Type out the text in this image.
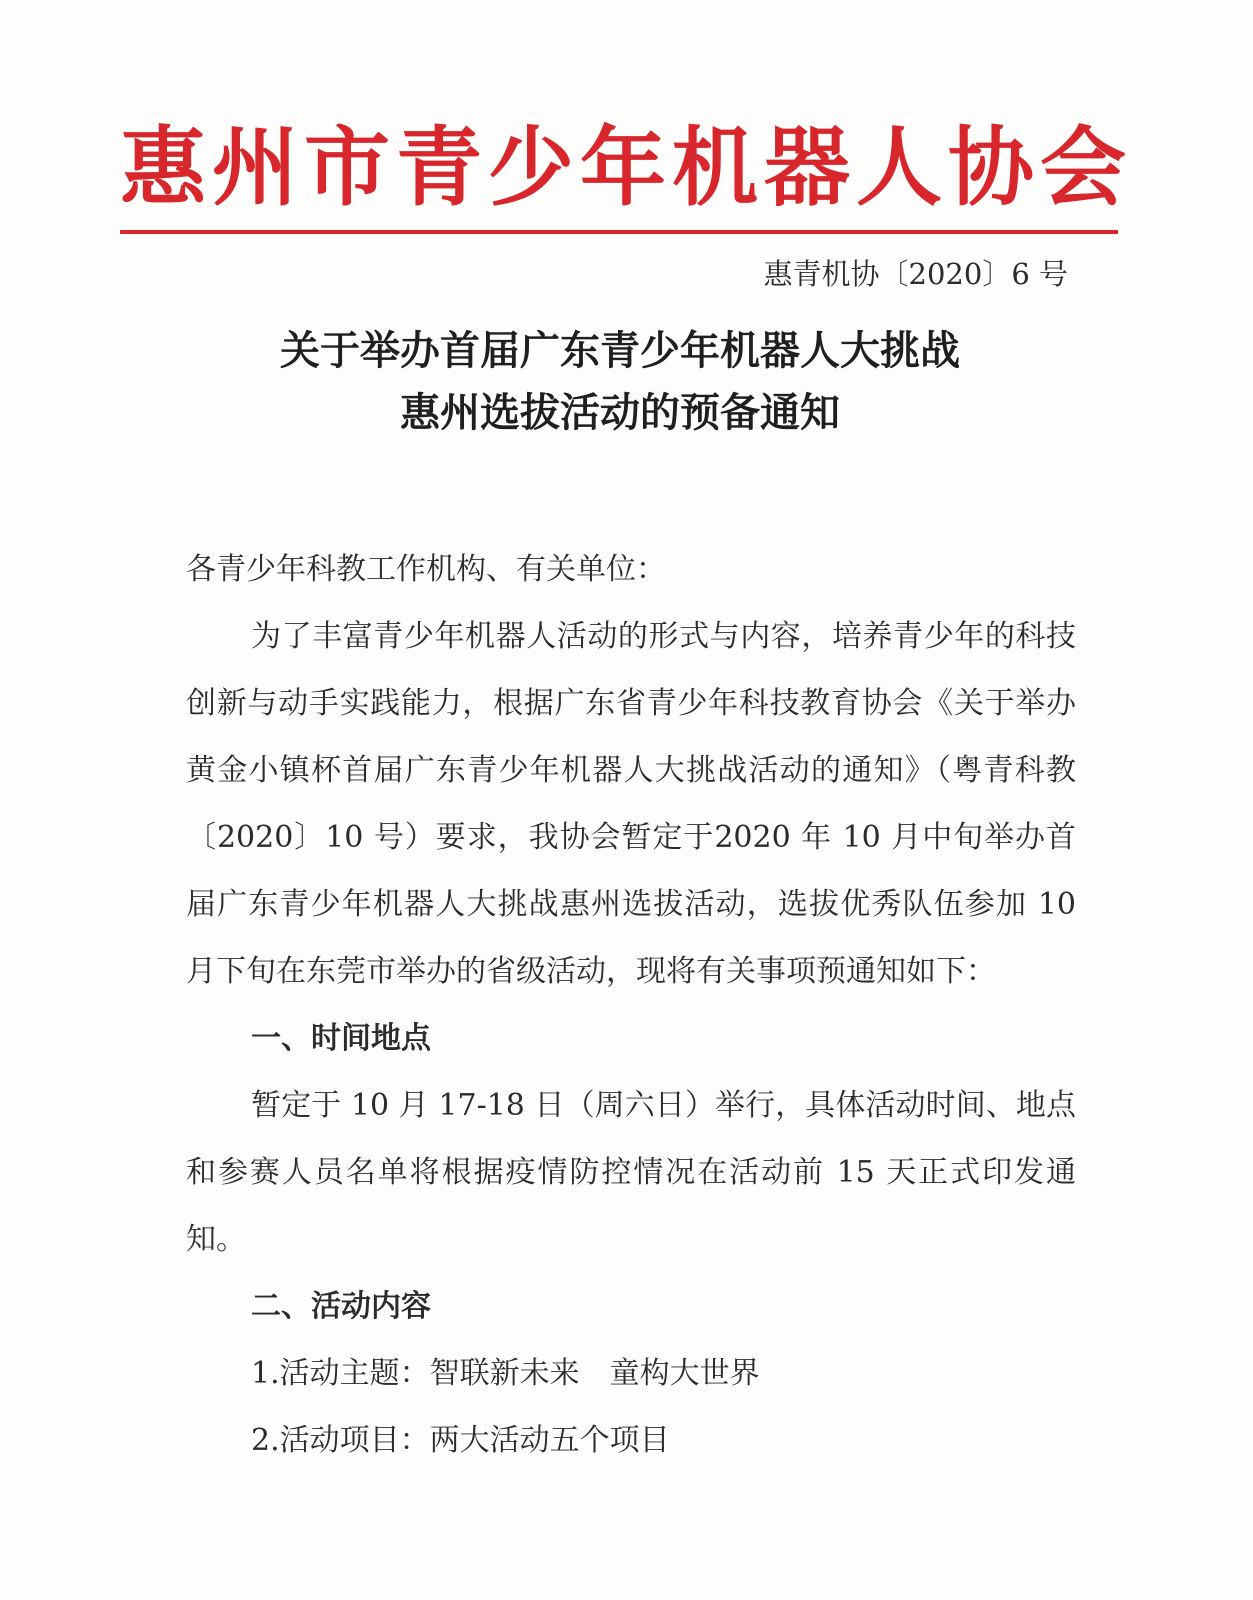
惠州市青少年机器人协会
惠青机协〔2020〕6 号
关于举办首届广东青少年机器人大挑战
惠州选拔活动的预备通知

各青少年科教工作机构、有关单位：

为了丰富青少年机器人活动的形式与内容，培养青少年的科技创新与动手实践能力，根据广东省青少年科技教育协会《关于举办黄金小镇杯首届广东青少年机器人大挑战活动的通知》（粤青科教〔2020〕10 号）要求，我协会暂定于2020 年 10 月中旬举办首届广东青少年机器人大挑战惠州选拔活动，选拔优秀队伍参加 10 月下旬在东莞市举办的省级活动，现将有关事项预通知如下：

一、时间地点

暂定于 10 月 17-18 日（周六日）举行，具体活动时间、地点和参赛人员名单将根据疫情防控情况在活动前 15 天正式印发通知。

二、活动内容

1.活动主题：智联新未来　童构大世界

2.活动项目：两大活动五个项目
